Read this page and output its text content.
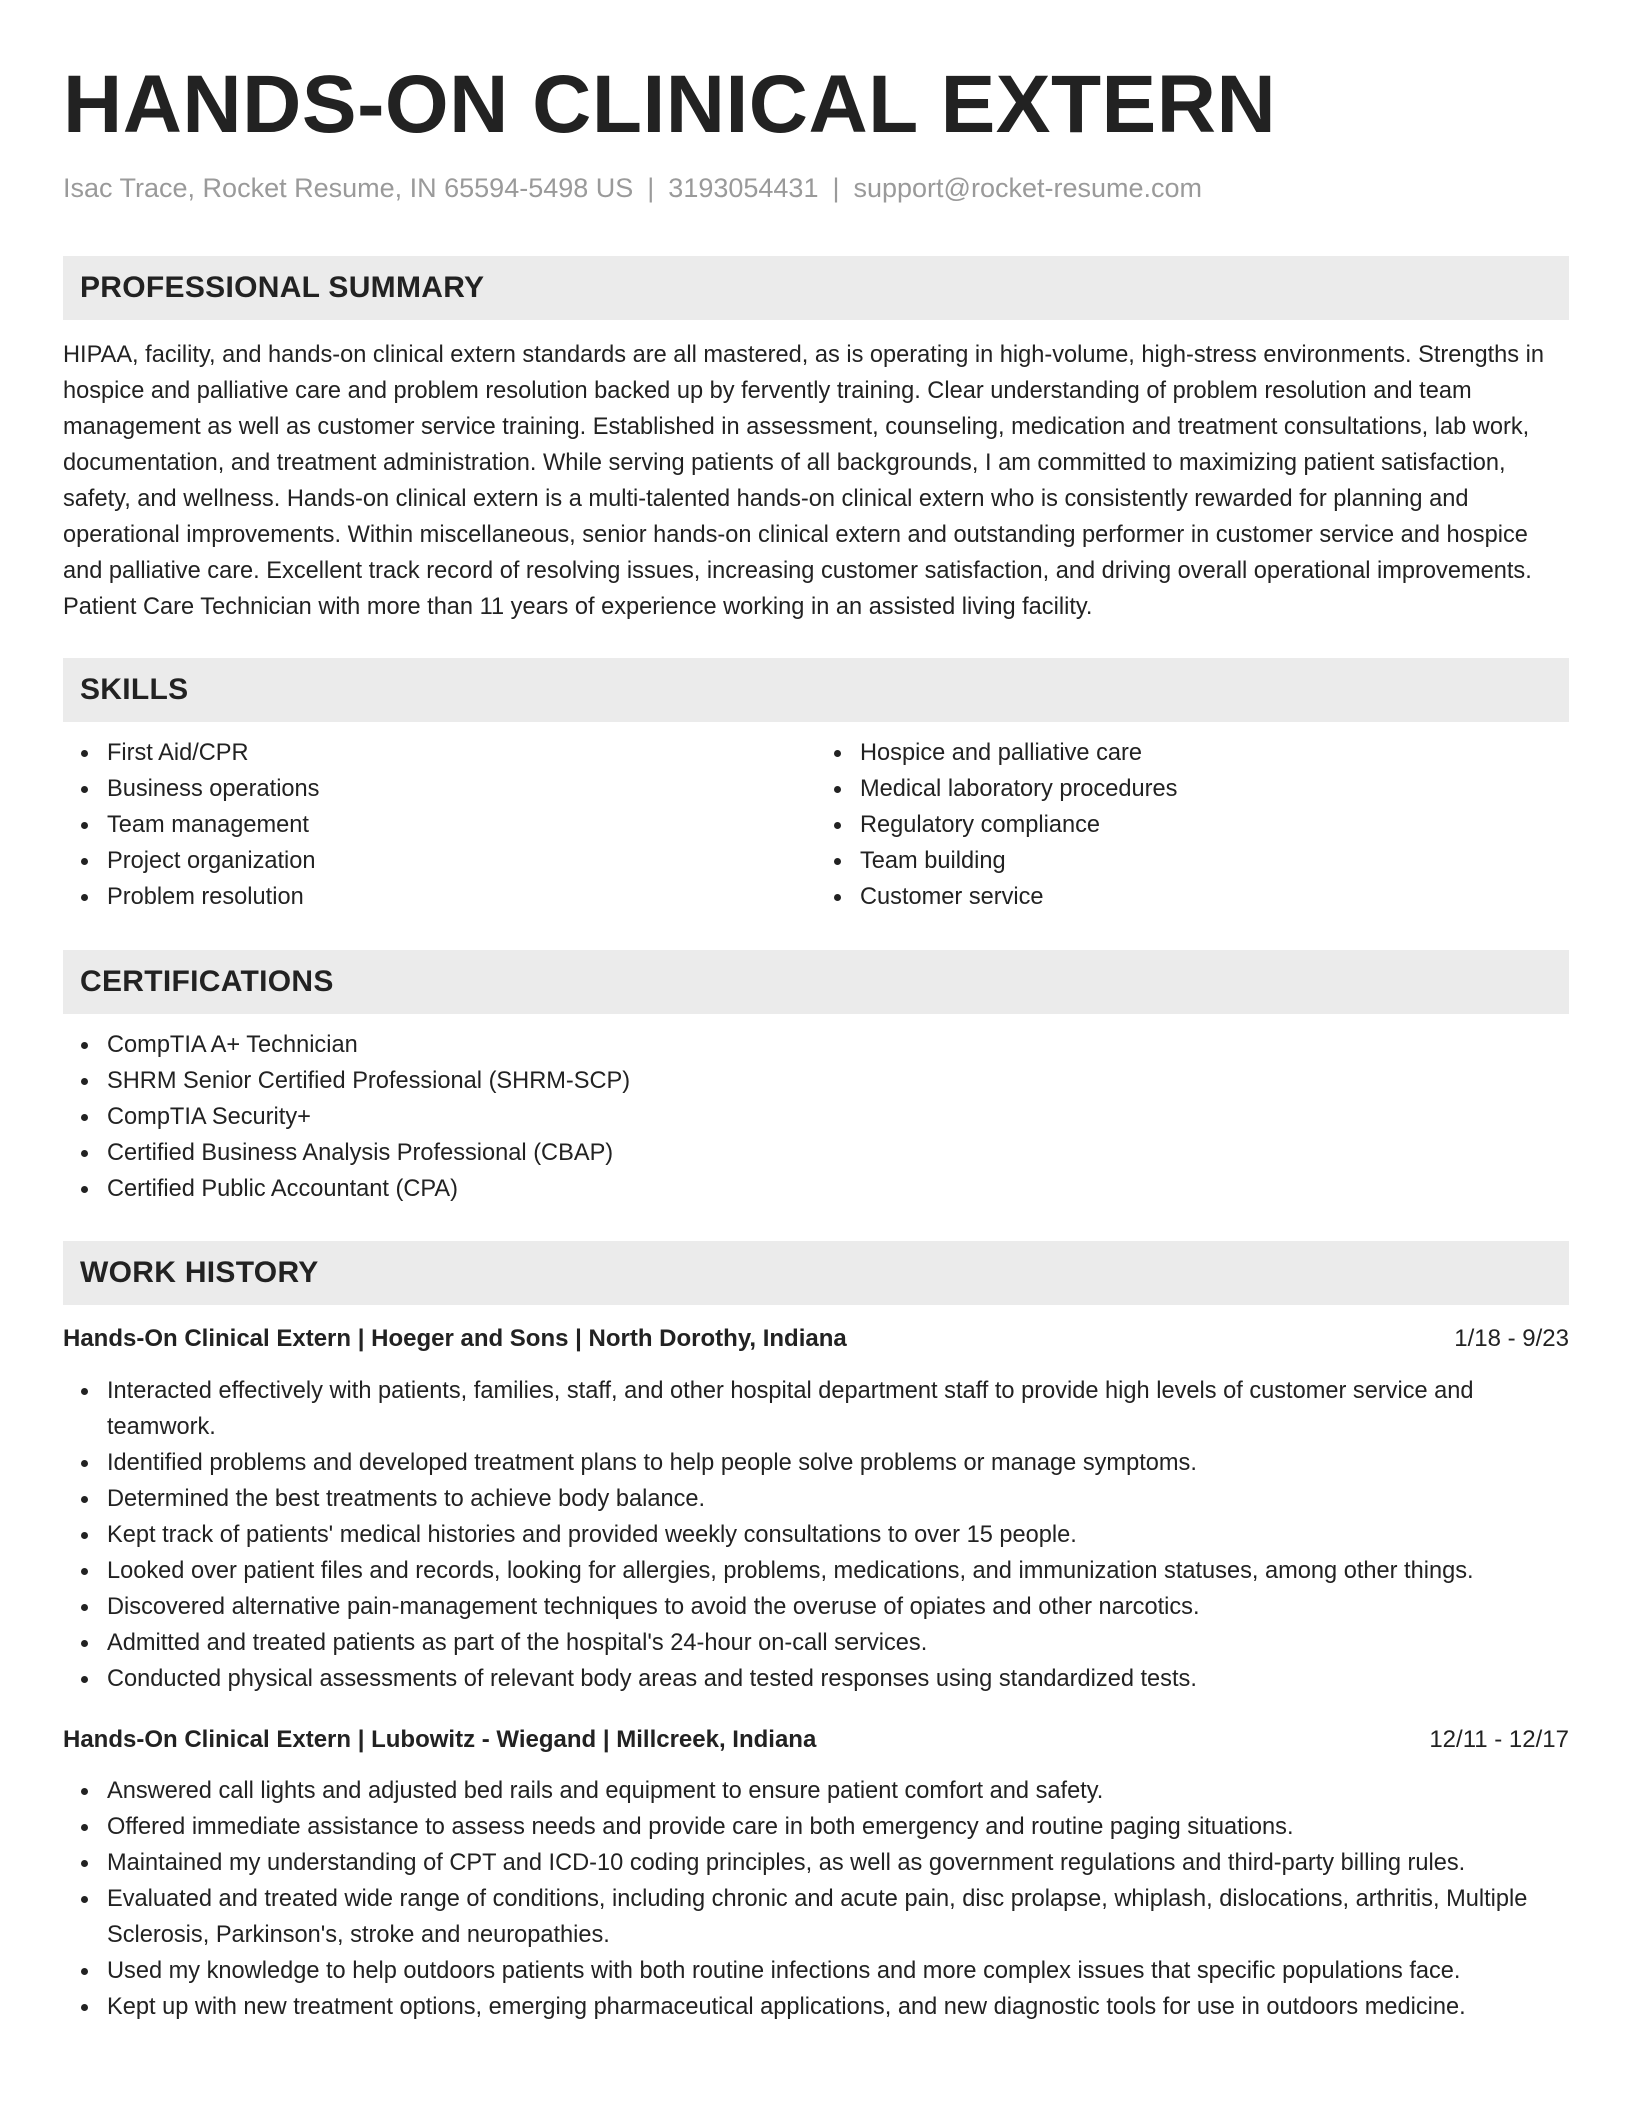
HANDS-ON CLINICAL EXTERN
Isac Trace, Rocket Resume, IN 65594-5498 US | 3193054431 | support@rocket-resume.com
PROFESSIONAL SUMMARY

HIPAA, facility, and hands-on clinical extern standards are all mastered, as is operating in high-volume, high-stress environments. Strengths in hospice and palliative care and problem resolution backed up by fervently training. Clear understanding of problem resolution and team management as well as customer service training. Established in assessment, counseling, medication and treatment consultations, lab work, documentation, and treatment administration. While serving patients of all backgrounds, I am committed to maximizing patient satisfaction, safety, and wellness. Hands-on clinical extern is a multi-talented hands-on clinical extern who is consistently rewarded for planning and operational improvements. Within miscellaneous, senior hands-on clinical extern and outstanding performer in customer service and hospice and palliative care. Excellent track record of resolving issues, increasing customer satisfaction, and driving overall operational improvements. Patient Care Technician with more than 11 years of experience working in an assisted living facility.

SKILLS
First Aid/CPR
Business operations
Team management
Project organization
Problem resolution
Hospice and palliative care
Medical laboratory procedures
Regulatory compliance
Team building
Customer service
CERTIFICATIONS
CompTIA A+ Technician
SHRM Senior Certified Professional (SHRM-SCP)
CompTIA Security+
Certified Business Analysis Professional (CBAP)
Certified Public Accountant (CPA)
WORK HISTORY
Hands-On Clinical Extern | Hoeger and Sons | North Dorothy, Indiana	1/18 - 9/23
Interacted effectively with patients, families, staff, and other hospital department staff to provide high levels of customer service and teamwork.
Identified problems and developed treatment plans to help people solve problems or manage symptoms.
Determined the best treatments to achieve body balance.
Kept track of patients' medical histories and provided weekly consultations to over 15 people.
Looked over patient files and records, looking for allergies, problems, medications, and immunization statuses, among other things.
Discovered alternative pain-management techniques to avoid the overuse of opiates and other narcotics.
Admitted and treated patients as part of the hospital's 24-hour on-call services.
Conducted physical assessments of relevant body areas and tested responses using standardized tests.
Hands-On Clinical Extern | Lubowitz - Wiegand | Millcreek, Indiana	12/11 - 12/17
Answered call lights and adjusted bed rails and equipment to ensure patient comfort and safety.
Offered immediate assistance to assess needs and provide care in both emergency and routine paging situations.
Maintained my understanding of CPT and ICD-10 coding principles, as well as government regulations and third-party billing rules.
Evaluated and treated wide range of conditions, including chronic and acute pain, disc prolapse, whiplash, dislocations, arthritis, Multiple Sclerosis, Parkinson's, stroke and neuropathies.
Used my knowledge to help outdoors patients with both routine infections and more complex issues that specific populations face.
Kept up with new treatment options, emerging pharmaceutical applications, and new diagnostic tools for use in outdoors medicine.
